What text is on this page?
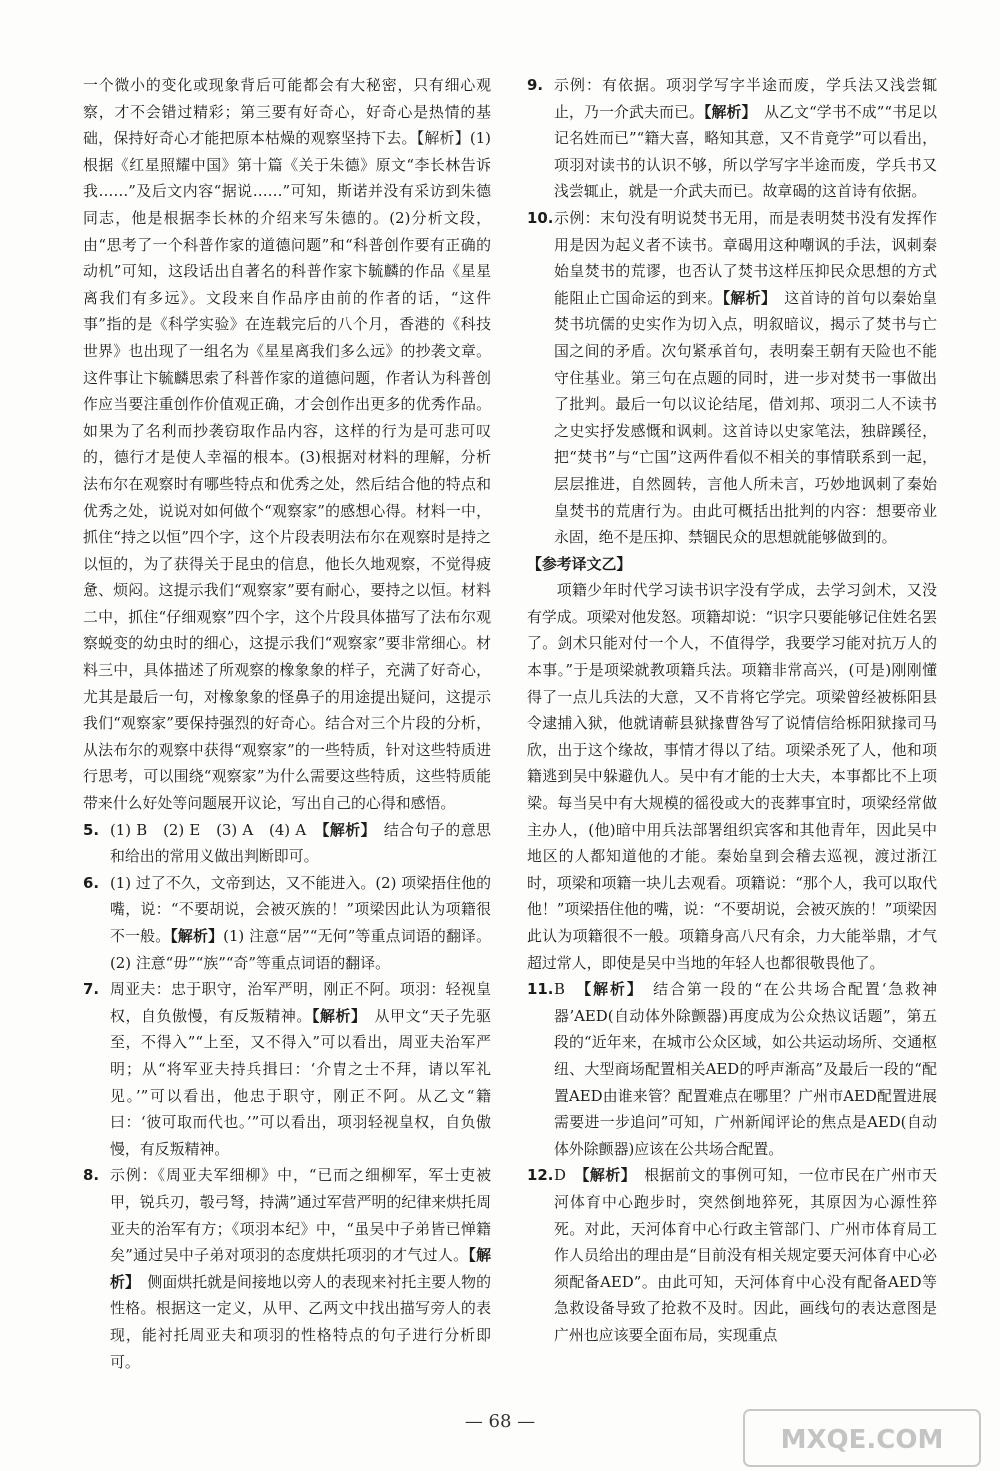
一个微小的变化或现象背后可能都会有大秘密，只有细心观察，才不会错过精彩；第三要有好奇心，好奇心是热情的基础，保持好奇心才能把原本枯燥的观察坚持下去。【解析】(1)根据《红星照耀中国》第十篇《关于朱德》原文“李长林告诉我……”及后文内容“据说……”可知，斯诺并没有采访到朱德同志，他是根据李长林的介绍来写朱德的。(2)分析文段，由“思考了一个科普作家的道德问题”和“科普创作要有正确的动机”可知，这段话出自著名的科普作家卞毓麟的作品《星星离我们有多远》。文段来自作品序由前的作者的话，“这件事”指的是《科学实验》在连载完后的八个月，香港的《科技世界》也出现了一组名为《星星离我们多么远》的抄袭文章。这件事让卞毓麟思索了科普作家的道德问题，作者认为科普创作应当要注重创作价值观正确，才会创作出更多的优秀作品。如果为了名利而抄袭窃取作品内容，这样的行为是可悲可叹的，德行才是使人幸福的根本。(3)根据对材料的理解，分析法布尔在观察时有哪些特点和优秀之处，然后结合他的特点和优秀之处，说说对如何做个“观察家”的感想心得。材料一中，抓住“持之以恒”四个字，这个片段表明法布尔在观察时是持之以恒的，为了获得关于昆虫的信息，他长久地观察，不觉得疲惫、烦闷。这提示我们“观察家”要有耐心，要持之以恒。材料二中，抓住“仔细观察”四个字，这个片段具体描写了法布尔观察蜕变的幼虫时的细心，这提示我们“观察家”要非常细心。材料三中，具体描述了所观察的橡象象的样子，充满了好奇心，尤其是最后一句，对橡象象的怪鼻子的用途提出疑问，这提示我们“观察家”要保持强烈的好奇心。结合对三个片段的分析，从法布尔的观察中获得“观察家”的一些特质，针对这些特质进行思考，可以围绕“观察家”为什么需要这些特质，这些特质能带来什么好处等问题展开议论，写出自己的心得和感悟。

5. (1) B　(2) E　(3) A　(4) A　【解析】　结合句子的意思和给出的常用义做出判断即可。
6. (1) 过了不久，文帝到达，又不能进入。(2) 项梁捂住他的嘴，说：“不要胡说，会被灭族的！”项梁因此认为项籍很不一般。【解析】(1) 注意“居”“无何”等重点词语的翻译。(2) 注意“毋”“族”“奇”等重点词语的翻译。
7. 周亚夫：忠于职守，治军严明，刚正不阿。项羽：轻视皇权，自负傲慢，有反叛精神。【解析】　从甲文“天子先驱至，不得入”“上至，又不得入”可以看出，周亚夫治军严明；从“将军亚夫持兵揖曰：‘介胄之士不拜，请以军礼见。’”可以看出，他忠于职守，刚正不阿。从乙文“籍曰：‘彼可取而代也。’”可以看出，项羽轻视皇权，自负傲慢，有反叛精神。
8. 示例：《周亚夫军细柳》中，“已而之细柳军，军士吏被甲，锐兵刃，彀弓弩，持满”通过军营严明的纪律来烘托周亚夫的治军有方；《项羽本纪》中，“虽吴中子弟皆已惮籍矣”通过吴中子弟对项羽的态度烘托项羽的才气过人。【解析】　侧面烘托就是间接地以旁人的表现来衬托主要人物的性格。根据这一定义，从甲、乙两文中找出描写旁人的表现，能衬托周亚夫和项羽的性格特点的句子进行分析即可。
9. 示例：有依据。项羽学写字半途而废，学兵法又浅尝辄止，乃一介武夫而已。【解析】　从乙文“学书不成”“书足以记名姓而已”“籍大喜，略知其意，又不肯竟学”可以看出，项羽对读书的认识不够，所以学写字半途而废，学兵书又浅尝辄止，就是一介武夫而已。故章碣的这首诗有依据。
10. 示例：末句没有明说焚书无用，而是表明焚书没有发挥作用是因为起义者不读书。章碣用这种嘲讽的手法，讽刺秦始皇焚书的荒谬，也否认了焚书这样压抑民众思想的方式能阻止亡国命运的到来。【解析】　这首诗的首句以秦始皇焚书坑儒的史实作为切入点，明叙暗议，揭示了焚书与亡国之间的矛盾。次句紧承首句，表明秦王朝有天险也不能守住基业。第三句在点题的同时，进一步对焚书一事做出了批判。最后一句以议论结尾，借刘邦、项羽二人不读书之史实抒发感慨和讽刺。这首诗以史家笔法，独辟蹊径，把“焚书”与“亡国”这两件看似不相关的事情联系到一起，层层推进，自然圆转，言他人所未言，巧妙地讽刺了秦始皇焚书的荒唐行为。由此可概括出批判的内容：想要帝业永固，绝不是压抑、禁锢民众的思想就能够做到的。
【参考译文乙】

项籍少年时代学习读书识字没有学成，去学习剑术，又没有学成。项梁对他发怒。项籍却说：“识字只要能够记住姓名罢了。剑术只能对付一个人，不值得学，我要学习能对抗万人的本事。”于是项梁就教项籍兵法。项籍非常高兴，(可是)刚刚懂得了一点儿兵法的大意，又不肯将它学完。项梁曾经被栎阳县令逮捕入狱，他就请蕲县狱掾曹咎写了说情信给栎阳狱掾司马欣，出于这个缘故，事情才得以了结。项梁杀死了人，他和项籍逃到吴中躲避仇人。吴中有才能的士大夫，本事都比不上项梁。每当吴中有大规模的徭役或大的丧葬事宜时，项梁经常做主办人，(他)暗中用兵法部署组织宾客和其他青年，因此吴中地区的人都知道他的才能。秦始皇到会稽去巡视，渡过浙江时，项梁和项籍一块儿去观看。项籍说：“那个人，我可以取代他！”项梁捂住他的嘴，说：“不要胡说，会被灭族的！”项梁因此认为项籍很不一般。项籍身高八尺有余，力大能举鼎，才气超过常人，即使是吴中当地的年轻人也都很敬畏他了。

11. B　【解析】　结合第一段的“在公共场合配置‘急救神器’AED(自动体外除颤器)再度成为公众热议话题”，第五段的“近年来，在城市公众区域，如公共运动场所、交通枢纽、大型商场配置相关AED的呼声渐高”及最后一段的“配置AED由谁来管？配置难点在哪里？广州市AED配置进展需要进一步追问”可知，广州新闻评论的焦点是AED(自动体外除颤器)应该在公共场合配置。
12. D　【解析】　根据前文的事例可知，一位市民在广州市天河体育中心跑步时，突然倒地猝死，其原因为心源性猝死。对此，天河体育中心行政主管部门、广州市体育局工作人员给出的理由是“目前没有相关规定要天河体育中心必须配备AED”。由此可知，天河体育中心没有配备AED等急救设备导致了抢救不及时。因此，画线句的表达意图是广州也应该要全面布局，实现重点
— 68 —
MXQE.COM
